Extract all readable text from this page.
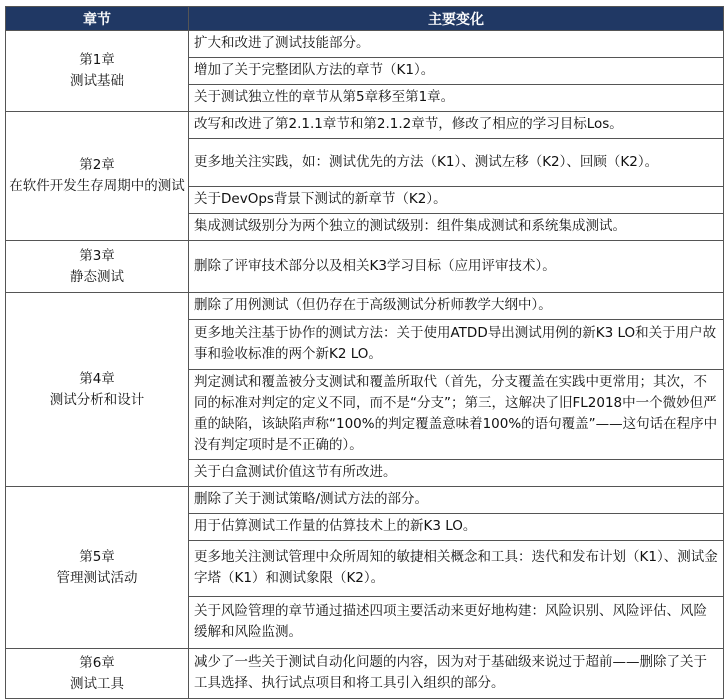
章节	主要变化

第1章
测试基础	扩大和改进了测试技能部分。
	增加了关于完整团队方法的章节（K1）。
	关于测试独立性的章节从第5章移至第1章。

第2章
在软件开发生存周期中的测试	改写和改进了第2.1.1章节和第2.1.2章节，修改了相应的学习目标Los。
	更多地关注实践，如：测试优先的方法（K1）、测试左移（K2）、回顾（K2）。
	关于DevOps背景下测试的新章节（K2）。
	集成测试级别分为两个独立的测试级别：组件集成测试和系统集成测试。

第3章
静态测试	删除了评审技术部分以及相关K3学习目标（应用评审技术）。

第4章
测试分析和设计	删除了用例测试（但仍存在于高级测试分析师教学大纲中）。
	更多地关注基于协作的测试方法：关于使用ATDD导出测试用例的新K3 LO和关于用户故事和验收标准的两个新K2 LO。
	判定测试和覆盖被分支测试和覆盖所取代（首先，分支覆盖在实践中更常用；其次，不同的标准对判定的定义不同，而不是“分支”；第三，这解决了旧FL2018中一个微妙但严重的缺陷，该缺陷声称“100%的判定覆盖意味着100%的语句覆盖”——这句话在程序中没有判定项时是不正确的）。
	关于白盒测试价值这节有所改进。

第5章
管理测试活动	删除了关于测试策略/测试方法的部分。
	用于估算测试工作量的估算技术上的新K3 LO。
	更多地关注测试管理中众所周知的敏捷相关概念和工具：迭代和发布计划（K1）、测试金字塔（K1）和测试象限（K2）。
	关于风险管理的章节通过描述四项主要活动来更好地构建：风险识别、风险评估、风险缓解和风险监测。

第6章
测试工具	减少了一些关于测试自动化问题的内容，因为对于基础级来说过于超前——删除了关于工具选择、执行试点项目和将工具引入组织的部分。
